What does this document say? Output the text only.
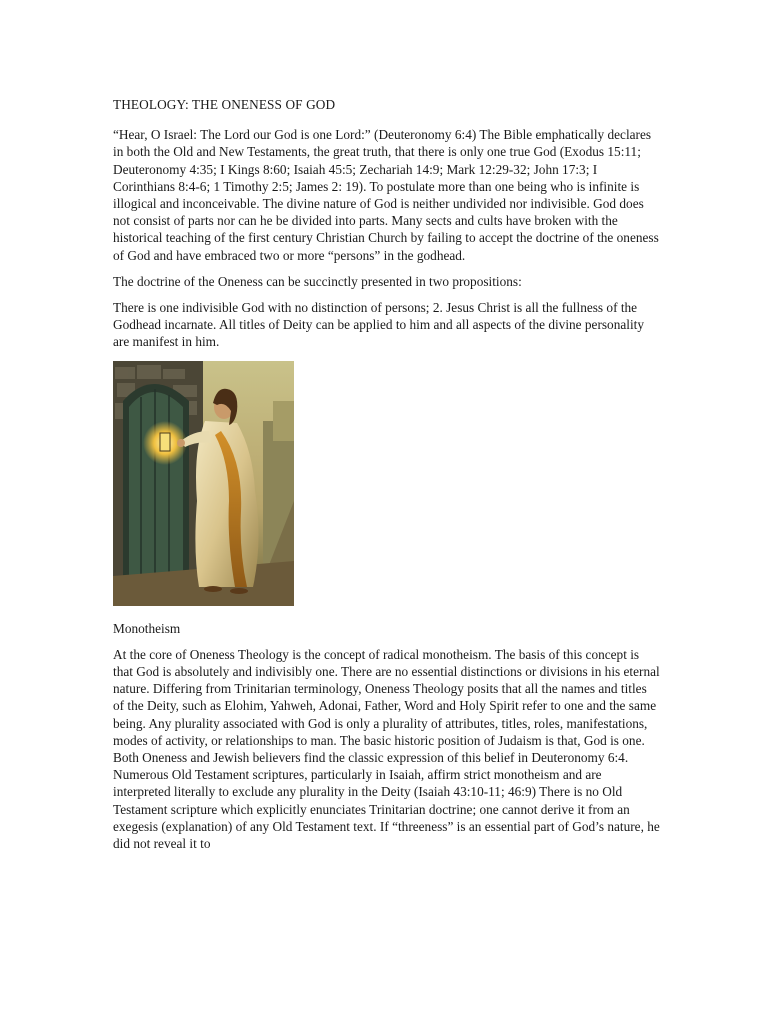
THEOLOGY: THE ONENESS OF GOD

“Hear, O Israel: The Lord our God is one Lord:” (Deuteronomy 6:4) The Bible emphatically declares in both the Old and New Testaments, the great truth, that there is only one true God (Exodus 15:11; Deuteronomy 4:35; I Kings 8:60; Isaiah 45:5; Zechariah 14:9; Mark 12:29-32; John 17:3; I Corinthians 8:4-6; 1 Timothy 2:5; James 2: 19). To postulate more than one being who is infinite is illogical and inconceivable. The divine nature of God is neither undivided nor indivisible. God does not consist of parts nor can he be divided into parts. Many sects and cults have broken with the historical teaching of the first century Christian Church by failing to accept the doctrine of the oneness of God and have embraced two or more “persons” in the godhead.

The doctrine of the Oneness can be succinctly presented in two propositions:

There is one indivisible God with no distinction of persons; 2. Jesus Christ is all the fullness of the Godhead incarnate. All titles of Deity can be applied to him and all aspects of the divine personality are manifest in him.

Monotheism

At the core of Oneness Theology is the concept of radical monotheism. The basis of this concept is that God is absolutely and indivisibly one. There are no essential distinctions or divisions in his eternal nature. Differing from Trinitarian terminology, Oneness Theology posits that all the names and titles of the Deity, such as Elohim, Yahweh, Adonai, Father, Word and Holy Spirit refer to one and the same being. Any plurality associated with God is only a plurality of attributes, titles, roles, manifestations, modes of activity, or relationships to man. The basic historic position of Judaism is that, God is one. Both Oneness and Jewish believers find the classic expression of this belief in Deuteronomy 6:4. Numerous Old Testament scriptures, particularly in Isaiah, affirm strict monotheism and are interpreted literally to exclude any plurality in the Deity (Isaiah 43:10-11; 46:9) There is no Old Testament scripture which explicitly enunciates Trinitarian doctrine; one cannot derive it from an exegesis (explanation) of any Old Testament text. If “threeness” is an essential part of God’s nature, he did not reveal it to
